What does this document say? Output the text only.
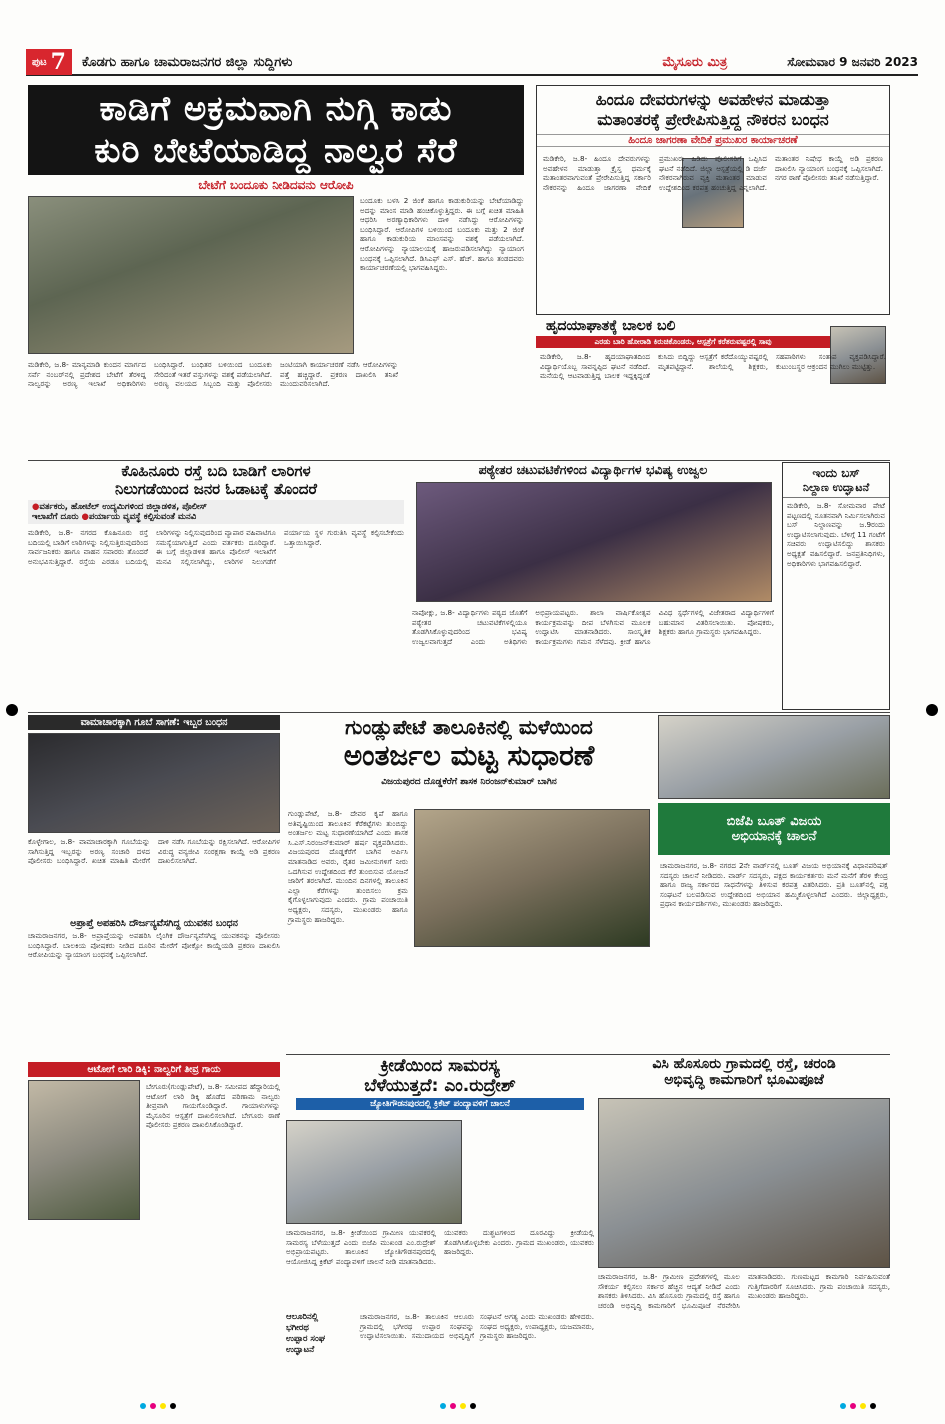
ಪುಟ 7 ಕೊಡಗು ಹಾಗೂ ಚಾಮರಾಜನಗರ ಜಿಲ್ಲಾ ಸುದ್ದಿಗಳು	ಮೈಸೂರು ಮಿತ್ರ	ಸೋಮವಾರ 9 ಜನವರಿ 2023
ಕಾಡಿಗೆ ಅಕ್ರಮವಾಗಿ ನುಗ್ಗಿ ಕಾಡು
ಕುರಿ ಬೇಟೆಯಾಡಿದ್ದ ನಾಲ್ವರ ಸೆರೆ
ಬೇಟೆಗೆ ಬಂದೂಕು ನೀಡಿದವನು ಆರೋಪಿ
ಬಂದೂಕು ಬಳಸಿ 2 ಜಿಂಕೆ ಹಾಗೂ ಕಾಡುಕುರಿಯನ್ನು ಬೇಟೆಯಾಡಿದ್ದು ಅದನ್ನು ಮಾಂಸ ಮಾಡಿ ಹಂಚಿಕೊಳ್ಳುತ್ತಿದ್ದರು. ಈ ಬಗ್ಗೆ ಖಚಿತ ಮಾಹಿತಿ ಆಧರಿಸಿ ಅರಣ್ಯಾಧಿಕಾರಿಗಳು ದಾಳಿ ನಡೆಸಿದ್ದು ಆರೋಪಿಗಳನ್ನು ಬಂಧಿಸಿದ್ದಾರೆ. ಆರೋಪಿಗಳ ಬಳಿಯಿಂದ ಬಂದೂಕು ಮತ್ತು 2 ಜಿಂಕೆ ಹಾಗೂ ಕಾಡುಕುರಿಯ ಮಾಂಸವನ್ನು ವಶಕ್ಕೆ ಪಡೆಯಲಾಗಿದೆ. ಆರೋಪಿಗಳನ್ನು ನ್ಯಾಯಾಲಯಕ್ಕೆ ಹಾಜರುಪಡಿಸಲಾಗಿದ್ದು ನ್ಯಾಯಾಂಗ ಬಂಧನಕ್ಕೆ ಒಪ್ಪಿಸಲಾಗಿದೆ. ಡಿಸಿಎಫ್ ಎಸ್. ಹೆಚ್. ಹಾಗೂ ತಂಡದವರು ಕಾರ್ಯಾಚರಣೆಯಲ್ಲಿ ಭಾಗವಹಿಸಿದ್ದರು.
ಮಡಿಕೇರಿ, ಜ.8- ಮಾನ್ಯಮಾಡಿ ಕುಂದನ ಮಾರ್ಗದ ಸರ್ವೆ ನಂಬರ್‌ನಲ್ಲಿ ಪ್ರದೇಶದ ಬೇಟೆಗೆ ತೆರಳಿದ್ದ ನಾಲ್ವರನ್ನು ಅರಣ್ಯ ಇಲಾಖೆ ಅಧಿಕಾರಿಗಳು ಬಂಧಿಸಿದ್ದಾರೆ. ಬಂಧಿತರ ಬಳಿಯಿಂದ ಬಂದೂಕು ಸೇರಿದಂತೆ ಇತರೆ ವಸ್ತುಗಳನ್ನು ವಶಕ್ಕೆ ಪಡೆಯಲಾಗಿದೆ. ಅರಣ್ಯ ವಲಯದ ಸಿಬ್ಬಂದಿ ಮತ್ತು ಪೊಲೀಸರು ಜಂಟಿಯಾಗಿ ಕಾರ್ಯಾಚರಣೆ ನಡೆಸಿ ಆರೋಪಿಗಳನ್ನು ಪತ್ತೆ ಹಚ್ಚಿದ್ದಾರೆ. ಪ್ರಕರಣ ದಾಖಲಿಸಿ ತನಿಖೆ ಮುಂದುವರಿಸಲಾಗಿದೆ.
ಹಿಂದೂ ದೇವರುಗಳನ್ನು ಅವಹೇಳನ ಮಾಡುತ್ತಾ
ಮತಾಂತರಕ್ಕೆ ಪ್ರೇರೇಪಿಸುತ್ತಿದ್ದ ನೌಕರನ ಬಂಧನ
ಹಿಂದೂ ಜಾಗರಣಾ ವೇದಿಕೆ ಪ್ರಮುಖರ ಕಾರ್ಯಾಚರಣೆ
ಮಡಿಕೇರಿ, ಜ.8- ಹಿಂದೂ ದೇವರುಗಳನ್ನು ಅವಹೇಳನ ಮಾಡುತ್ತಾ ಕ್ರೈಸ್ತ ಧರ್ಮಕ್ಕೆ ಮತಾಂತರವಾಗುವಂತೆ ಪ್ರೇರೇಪಿಸುತ್ತಿದ್ದ ಸರ್ಕಾರಿ ನೌಕರನನ್ನು ಹಿಂದೂ ಜಾಗರಣಾ ವೇದಿಕೆ ಪ್ರಮುಖರು ಹಿಡಿದು ಪೊಲೀಸರಿಗೆ ಒಪ್ಪಿಸಿದ ಘಟನೆ ನಡೆದಿದೆ. ಜಿಲ್ಲಾ ಆಸ್ಪತ್ರೆಯಲ್ಲಿ ಡಿ ದರ್ಜೆ ನೌಕರನಾಗಿರುವ ವ್ಯಕ್ತಿ ಮತಾಂತರ ಮಾಡುವ ಉದ್ದೇಶದಿಂದ ಕರಪತ್ರ ಹಂಚುತ್ತಿದ್ದ ಎನ್ನಲಾಗಿದೆ. ಮತಾಂತರ ನಿಷೇಧ ಕಾಯ್ದೆ ಅಡಿ ಪ್ರಕರಣ ದಾಖಲಿಸಿ ನ್ಯಾಯಾಂಗ ಬಂಧನಕ್ಕೆ ಒಪ್ಪಿಸಲಾಗಿದೆ. ನಗರ ಠಾಣೆ ಪೊಲೀಸರು ತನಿಖೆ ನಡೆಸುತ್ತಿದ್ದಾರೆ.
ಹೃದಯಾಘಾತಕ್ಕೆ ಬಾಲಕ ಬಲಿ
ಎರಡು ಬಾರಿ ಹೋರಾಡಿ ಕಿರುಚಿಕೊಂಡರು, ಆಸ್ಪತ್ರೆಗೆ ಕರೆತರುವಷ್ಟರಲ್ಲಿ ಸಾವು
ಮಡಿಕೇರಿ, ಜ.8- ಹೃದಯಾಘಾತದಿಂದ ವಿದ್ಯಾರ್ಥಿಯೊಬ್ಬ ಸಾವನ್ನಪ್ಪಿದ ಘಟನೆ ನಡೆದಿದೆ. ಮನೆಯಲ್ಲಿ ಆಟವಾಡುತ್ತಿದ್ದ ಬಾಲಕ ಇದ್ದಕ್ಕಿದ್ದಂತೆ ಕುಸಿದು ಬಿದ್ದಿದ್ದು ಆಸ್ಪತ್ರೆಗೆ ಕರೆದೊಯ್ಯುವಷ್ಟರಲ್ಲಿ ಮೃತಪಟ್ಟಿದ್ದಾನೆ. ಶಾಲೆಯಲ್ಲಿ ಶಿಕ್ಷಕರು, ಸಹಪಾಠಿಗಳು ಸಂತಾಪ ವ್ಯಕ್ತಪಡಿಸಿದ್ದಾರೆ. ಕುಟುಂಬಸ್ಥರ ಆಕ್ರಂದನ ಮುಗಿಲು ಮುಟ್ಟಿತ್ತು.
ಕೊಹಿನೂರು ರಸ್ತೆ ಬದಿ ಬಾಡಿಗೆ ಲಾರಿಗಳ
ನಿಲುಗಡೆಯಿಂದ ಜನರ ಓಡಾಟಕ್ಕೆ ತೊಂದರೆ
● ವರ್ತಕರು, ಹೋಟೆಲ್ ಉದ್ಯಮಿಗಳಿಂದ ಜಿಲ್ಲಾಡಳಿತ, ಪೊಲೀಸ್
ಇಲಾಖೆಗೆ ದೂರು ● ಪರ್ಯಾಯ ವ್ಯವಸ್ಥೆ ಕಲ್ಪಿಸುವಂತೆ ಮನವಿ
ಮಡಿಕೇರಿ, ಜ.8- ನಗರದ ಕೊಹಿನೂರು ರಸ್ತೆ ಬದಿಯಲ್ಲಿ ಬಾಡಿಗೆ ಲಾರಿಗಳನ್ನು ನಿಲ್ಲಿಸುತ್ತಿರುವುದರಿಂದ ಸಾರ್ವಜನಿಕರು ಹಾಗೂ ವಾಹನ ಸವಾರರು ತೊಂದರೆ ಅನುಭವಿಸುತ್ತಿದ್ದಾರೆ. ರಸ್ತೆಯ ಎರಡೂ ಬದಿಯಲ್ಲಿ ಲಾರಿಗಳನ್ನು ನಿಲ್ಲಿಸುವುದರಿಂದ ವ್ಯಾಪಾರ ವಹಿವಾಟಿಗೂ ಸಮಸ್ಯೆಯಾಗುತ್ತಿದೆ ಎಂದು ವರ್ತಕರು ದೂರಿದ್ದಾರೆ. ಈ ಬಗ್ಗೆ ಜಿಲ್ಲಾಡಳಿತ ಹಾಗೂ ಪೊಲೀಸ್ ಇಲಾಖೆಗೆ ಮನವಿ ಸಲ್ಲಿಸಲಾಗಿದ್ದು, ಲಾರಿಗಳ ನಿಲುಗಡೆಗೆ ಪರ್ಯಾಯ ಸ್ಥಳ ಗುರುತಿಸಿ ವ್ಯವಸ್ಥೆ ಕಲ್ಪಿಸಬೇಕೆಂದು ಒತ್ತಾಯಿಸಿದ್ದಾರೆ.
ಪಠ್ಯೇತರ ಚಟುವಟಿಕೆಗಳಿಂದ ವಿದ್ಯಾರ್ಥಿಗಳ ಭವಿಷ್ಯ ಉಜ್ವಲ
ನಾಪೋಕ್ಲು, ಜ.8- ವಿದ್ಯಾರ್ಥಿಗಳು ಪಠ್ಯದ ಜೊತೆಗೆ ಪಠ್ಯೇತರ ಚಟುವಟಿಕೆಗಳಲ್ಲಿಯೂ ತೊಡಗಿಸಿಕೊಳ್ಳುವುದರಿಂದ ಭವಿಷ್ಯ ಉಜ್ವಲವಾಗುತ್ತದೆ ಎಂದು ಅತಿಥಿಗಳು ಅಭಿಪ್ರಾಯಪಟ್ಟರು. ಶಾಲಾ ವಾರ್ಷಿಕೋತ್ಸವ ಕಾರ್ಯಕ್ರಮವನ್ನು ದೀಪ ಬೆಳಗಿಸುವ ಮೂಲಕ ಉದ್ಘಾಟಿಸಿ ಮಾತನಾಡಿದರು. ಸಾಂಸ್ಕೃತಿಕ ಕಾರ್ಯಕ್ರಮಗಳು ಗಮನ ಸೆಳೆದವು. ಕ್ರೀಡೆ ಹಾಗೂ ವಿವಿಧ ಸ್ಪರ್ಧೆಗಳಲ್ಲಿ ವಿಜೇತರಾದ ವಿದ್ಯಾರ್ಥಿಗಳಿಗೆ ಬಹುಮಾನ ವಿತರಿಸಲಾಯಿತು. ಪೋಷಕರು, ಶಿಕ್ಷಕರು ಹಾಗೂ ಗ್ರಾಮಸ್ಥರು ಭಾಗವಹಿಸಿದ್ದರು.
ಇಂದು ಬಸ್
ನಿಲ್ದಾಣ ಉದ್ಘಾಟನೆ
ಮಡಿಕೇರಿ, ಜ.8- ಸೋಮವಾರ ಪೇಟೆ ಪಟ್ಟಣದಲ್ಲಿ ನೂತನವಾಗಿ ನಿರ್ಮಿಸಲಾಗಿರುವ ಬಸ್ ನಿಲ್ದಾಣವನ್ನು ಜ.9ರಂದು ಉದ್ಘಾಟಿಸಲಾಗುವುದು. ಬೆಳಿಗ್ಗೆ 11 ಗಂಟೆಗೆ ಸಚಿವರು ಉದ್ಘಾಟಿಸಲಿದ್ದು ಶಾಸಕರು ಅಧ್ಯಕ್ಷತೆ ವಹಿಸಲಿದ್ದಾರೆ. ಜನಪ್ರತಿನಿಧಿಗಳು, ಅಧಿಕಾರಿಗಳು ಭಾಗವಹಿಸಲಿದ್ದಾರೆ.
ವಾಮಾಚಾರಕ್ಕಾಗಿ ಗೂಬೆ ಸಾಗಣೆ: ಇಬ್ಬರ ಬಂಧನ
ಕೊಳ್ಳೇಗಾಲ, ಜ.8- ವಾಮಾಚಾರಕ್ಕಾಗಿ ಗೂಬೆಯನ್ನು ಸಾಗಿಸುತ್ತಿದ್ದ ಇಬ್ಬರನ್ನು ಅರಣ್ಯ ಸಂಚಾರಿ ದಳದ ಪೊಲೀಸರು ಬಂಧಿಸಿದ್ದಾರೆ. ಖಚಿತ ಮಾಹಿತಿ ಮೇರೆಗೆ ದಾಳಿ ನಡೆಸಿ ಗೂಬೆಯನ್ನು ರಕ್ಷಿಸಲಾಗಿದೆ. ಆರೋಪಿಗಳ ವಿರುದ್ಧ ವನ್ಯಜೀವಿ ಸಂರಕ್ಷಣಾ ಕಾಯ್ದೆ ಅಡಿ ಪ್ರಕರಣ ದಾಖಲಿಸಲಾಗಿದೆ.
ಅಪ್ರಾಪ್ತೆ ಅಪಹರಿಸಿ ದೌರ್ಜನ್ಯವೆಸಗಿದ್ದ ಯುವಕನ ಬಂಧನ
ಚಾಮರಾಜನಗರ, ಜ.8- ಅಪ್ರಾಪ್ತೆಯನ್ನು ಅಪಹರಿಸಿ ಲೈಂಗಿಕ ದೌರ್ಜನ್ಯವೆಸಗಿದ್ದ ಯುವಕನನ್ನು ಪೊಲೀಸರು ಬಂಧಿಸಿದ್ದಾರೆ. ಬಾಲಕಿಯ ಪೋಷಕರು ನೀಡಿದ ದೂರಿನ ಮೇರೆಗೆ ಪೋಕ್ಸೋ ಕಾಯ್ದೆಯಡಿ ಪ್ರಕರಣ ದಾಖಲಿಸಿ ಆರೋಪಿಯನ್ನು ನ್ಯಾಯಾಂಗ ಬಂಧನಕ್ಕೆ ಒಪ್ಪಿಸಲಾಗಿದೆ.
ಆಟೋಗೆ ಲಾರಿ ಡಿಕ್ಕಿ: ನಾಲ್ವರಿಗೆ ತೀವ್ರ ಗಾಯ
ಬೇಗೂರು(ಗುಂಡ್ಲುಪೇಟೆ), ಜ.8- ಸಮೀಪದ ಹೆದ್ದಾರಿಯಲ್ಲಿ ಆಟೋಗೆ ಲಾರಿ ಡಿಕ್ಕಿ ಹೊಡೆದ ಪರಿಣಾಮ ನಾಲ್ವರು ತೀವ್ರವಾಗಿ ಗಾಯಗೊಂಡಿದ್ದಾರೆ. ಗಾಯಾಳುಗಳನ್ನು ಮೈಸೂರಿನ ಆಸ್ಪತ್ರೆಗೆ ದಾಖಲಿಸಲಾಗಿದೆ. ಬೇಗೂರು ಠಾಣೆ ಪೊಲೀಸರು ಪ್ರಕರಣ ದಾಖಲಿಸಿಕೊಂಡಿದ್ದಾರೆ.
ಗುಂಡ್ಲುಪೇಟೆ ತಾಲೂಕಿನಲ್ಲಿ ಮಳೆಯಿಂದ
ಅಂತರ್ಜಲ ಮಟ್ಟ ಸುಧಾರಣೆ
ವಿಜಯಪುರದ ದೊಡ್ಡಕೆರೆಗೆ ಶಾಸಕ ನಿರಂಜನ್‌ಕುಮಾರ್ ಬಾಗಿನ
ಗುಂಡ್ಲುಪೇಟೆ, ಜ.8- ದೇವರ ಕೃಪೆ ಹಾಗೂ ಅತಿವೃಷ್ಟಿಯಿಂದ ತಾಲೂಕಿನ ಕೆರೆಕಟ್ಟೆಗಳು ತುಂಬಿದ್ದು ಅಂತರ್ಜಲ ಮಟ್ಟ ಸುಧಾರಣೆಯಾಗಿದೆ ಎಂದು ಶಾಸಕ ಸಿ.ಎಸ್.ನಿರಂಜನ್‌ಕುಮಾರ್ ಹರ್ಷ ವ್ಯಕ್ತಪಡಿಸಿದರು. ವಿಜಯಪುರದ ದೊಡ್ಡಕೆರೆಗೆ ಬಾಗಿನ ಅರ್ಪಿಸಿ ಮಾತನಾಡಿದ ಅವರು, ರೈತರ ಜಮೀನುಗಳಿಗೆ ನೀರು ಒದಗಿಸುವ ಉದ್ದೇಶದಿಂದ ಕೆರೆ ತುಂಬಿಸುವ ಯೋಜನೆ ಜಾರಿಗೆ ತರಲಾಗಿದೆ. ಮುಂದಿನ ದಿನಗಳಲ್ಲಿ ತಾಲೂಕಿನ ಎಲ್ಲಾ ಕೆರೆಗಳನ್ನು ತುಂಬಿಸಲು ಕ್ರಮ ಕೈಗೊಳ್ಳಲಾಗುವುದು ಎಂದರು. ಗ್ರಾಮ ಪಂಚಾಯಿತಿ ಅಧ್ಯಕ್ಷರು, ಸದಸ್ಯರು, ಮುಖಂಡರು ಹಾಗೂ ಗ್ರಾಮಸ್ಥರು ಹಾಜರಿದ್ದರು.
ಬಿಜೆಪಿ ಬೂತ್ ವಿಜಯ
ಅಭಿಯಾನಕ್ಕೆ ಚಾಲನೆ
ಚಾಮರಾಜನಗರ, ಜ.8- ನಗರದ 2ನೇ ವಾರ್ಡ್‌ನಲ್ಲಿ ಬೂತ್ ವಿಜಯ ಅಭಿಯಾನಕ್ಕೆ ವಿಧಾನಪರಿಷತ್ ಸದಸ್ಯರು ಚಾಲನೆ ನೀಡಿದರು. ವಾರ್ಡ್ ಸದಸ್ಯರು, ಪಕ್ಷದ ಕಾರ್ಯಕರ್ತರು ಮನೆ ಮನೆಗೆ ತೆರಳಿ ಕೇಂದ್ರ ಹಾಗೂ ರಾಜ್ಯ ಸರ್ಕಾರದ ಸಾಧನೆಗಳನ್ನು ತಿಳಿಸುವ ಕರಪತ್ರ ವಿತರಿಸಿದರು. ಪ್ರತಿ ಬೂತ್‌ನಲ್ಲಿ ಪಕ್ಷ ಸಂಘಟನೆ ಬಲಪಡಿಸುವ ಉದ್ದೇಶದಿಂದ ಅಭಿಯಾನ ಹಮ್ಮಿಕೊಳ್ಳಲಾಗಿದೆ ಎಂದರು. ಜಿಲ್ಲಾಧ್ಯಕ್ಷರು, ಪ್ರಧಾನ ಕಾರ್ಯದರ್ಶಿಗಳು, ಮುಖಂಡರು ಹಾಜರಿದ್ದರು.
ಕ್ರೀಡೆಯಿಂದ ಸಾಮರಸ್ಯ
ಬೆಳೆಯುತ್ತದೆ: ಎಂ.ರುದ್ರೇಶ್
ಜ್ಯೋತಿಗೌಡನಪುರದಲ್ಲಿ ಕ್ರಿಕೆಟ್ ಪಂದ್ಯಾವಳಿಗೆ ಚಾಲನೆ
ಚಾಮರಾಜನಗರ, ಜ.8- ಕ್ರೀಡೆಯಿಂದ ಗ್ರಾಮೀಣ ಯುವಕರಲ್ಲಿ ಸಾಮರಸ್ಯ ಬೆಳೆಯುತ್ತದೆ ಎಂದು ಬಿಜೆಪಿ ಮುಖಂಡ ಎಂ.ರುದ್ರೇಶ್ ಅಭಿಪ್ರಾಯಪಟ್ಟರು. ತಾಲೂಕಿನ ಜ್ಯೋತಿಗೌಡನಪುರದಲ್ಲಿ ಆಯೋಜಿಸಿದ್ದ ಕ್ರಿಕೆಟ್ ಪಂದ್ಯಾವಳಿಗೆ ಚಾಲನೆ ನೀಡಿ ಮಾತನಾಡಿದರು. ಯುವಕರು ದುಶ್ಚಟಗಳಿಂದ ದೂರವಿದ್ದು ಕ್ರೀಡೆಯಲ್ಲಿ ತೊಡಗಿಸಿಕೊಳ್ಳಬೇಕು ಎಂದರು. ಗ್ರಾಮದ ಮುಖಂಡರು, ಯುವಕರು ಹಾಜರಿದ್ದರು.
ವಿಸಿ ಹೊಸೂರು ಗ್ರಾಮದಲ್ಲಿ ರಸ್ತೆ, ಚರಂಡಿ
ಅಭಿವೃದ್ಧಿ ಕಾಮಗಾರಿಗೆ ಭೂಮಿಪೂಜೆ
ಚಾಮರಾಜನಗರ, ಜ.8- ಗ್ರಾಮೀಣ ಪ್ರದೇಶಗಳಲ್ಲಿ ಮೂಲ ಸೌಕರ್ಯ ಕಲ್ಪಿಸಲು ಸರ್ಕಾರ ಹೆಚ್ಚಿನ ಆದ್ಯತೆ ನೀಡಿದೆ ಎಂದು ಶಾಸಕರು ತಿಳಿಸಿದರು. ವಿಸಿ ಹೊಸೂರು ಗ್ರಾಮದಲ್ಲಿ ರಸ್ತೆ ಹಾಗೂ ಚರಂಡಿ ಅಭಿವೃದ್ಧಿ ಕಾಮಗಾರಿಗೆ ಭೂಮಿಪೂಜೆ ನೆರವೇರಿಸಿ ಮಾತನಾಡಿದರು. ಗುಣಮಟ್ಟದ ಕಾಮಗಾರಿ ನಿರ್ವಹಿಸುವಂತೆ ಗುತ್ತಿಗೆದಾರರಿಗೆ ಸೂಚಿಸಿದರು. ಗ್ರಾಮ ಪಂಚಾಯಿತಿ ಸದಸ್ಯರು, ಮುಖಂಡರು ಹಾಜರಿದ್ದರು.
ಆಲೂರಿನಲ್ಲಿ
ಭಗೀರಥ
ಉಪ್ಪಾರ ಸಂಘ
ಉದ್ಘಾಟನೆ
ಚಾಮರಾಜನಗರ, ಜ.8- ತಾಲೂಕಿನ ಆಲೂರು ಗ್ರಾಮದಲ್ಲಿ ಭಗೀರಥ ಉಪ್ಪಾರ ಸಂಘವನ್ನು ಉದ್ಘಾಟಿಸಲಾಯಿತು. ಸಮುದಾಯದ ಅಭಿವೃದ್ಧಿಗೆ ಸಂಘಟನೆ ಅಗತ್ಯ ಎಂದು ಮುಖಂಡರು ಹೇಳಿದರು. ಸಂಘದ ಅಧ್ಯಕ್ಷರು, ಉಪಾಧ್ಯಕ್ಷರು, ಯಜಮಾನರು, ಗ್ರಾಮಸ್ಥರು ಹಾಜರಿದ್ದರು.
